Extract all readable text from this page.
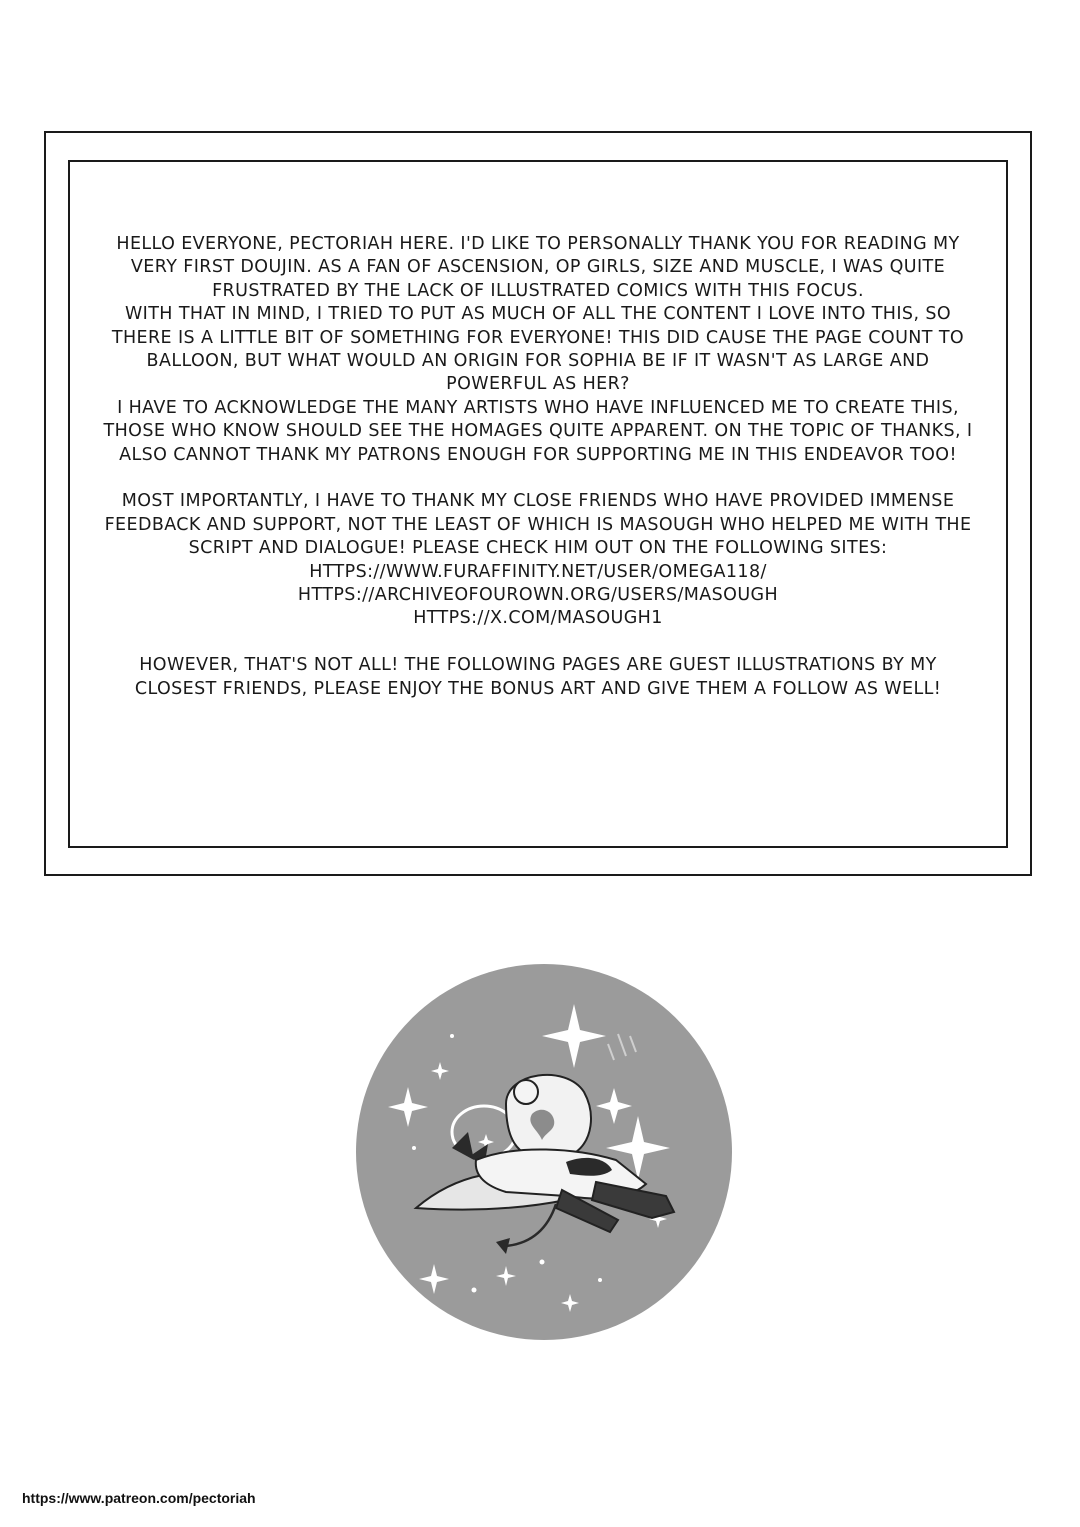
HELLO EVERYONE, PECTORIAH HERE. I'D LIKE TO PERSONALLY THANK YOU FOR READING MY VERY FIRST DOUJIN. AS A FAN OF ASCENSION, OP GIRLS, SIZE AND MUSCLE, I WAS QUITE FRUSTRATED BY THE LACK OF ILLUSTRATED COMICS WITH THIS FOCUS.

WITH THAT IN MIND, I TRIED TO PUT AS MUCH OF ALL THE CONTENT I LOVE INTO THIS, SO THERE IS A LITTLE BIT OF SOMETHING FOR EVERYONE! THIS DID CAUSE THE PAGE COUNT TO BALLOON, BUT WHAT WOULD AN ORIGIN FOR SOPHIA BE IF IT WASN'T AS LARGE AND POWERFUL AS HER?

I HAVE TO ACKNOWLEDGE THE MANY ARTISTS WHO HAVE INFLUENCED ME TO CREATE THIS, THOSE WHO KNOW SHOULD SEE THE HOMAGES QUITE APPARENT. ON THE TOPIC OF THANKS, I ALSO CANNOT THANK MY PATRONS ENOUGH FOR SUPPORTING ME IN THIS ENDEAVOR TOO!

MOST IMPORTANTLY, I HAVE TO THANK MY CLOSE FRIENDS WHO HAVE PROVIDED IMMENSE FEEDBACK AND SUPPORT, NOT THE LEAST OF WHICH IS MASOUGH WHO HELPED ME WITH THE SCRIPT AND DIALOGUE! PLEASE CHECK HIM OUT ON THE FOLLOWING SITES:

HTTPS://WWW.FURAFFINITY.NET/USER/OMEGA118/

HTTPS://ARCHIVEOFOUROWN.ORG/USERS/MASOUGH

HTTPS://X.COM/MASOUGH1

HOWEVER, THAT'S NOT ALL! THE FOLLOWING PAGES ARE GUEST ILLUSTRATIONS BY MY CLOSEST FRIENDS, PLEASE ENJOY THE BONUS ART AND GIVE THEM A FOLLOW AS WELL!

https://www.patreon.com/pectoriah
